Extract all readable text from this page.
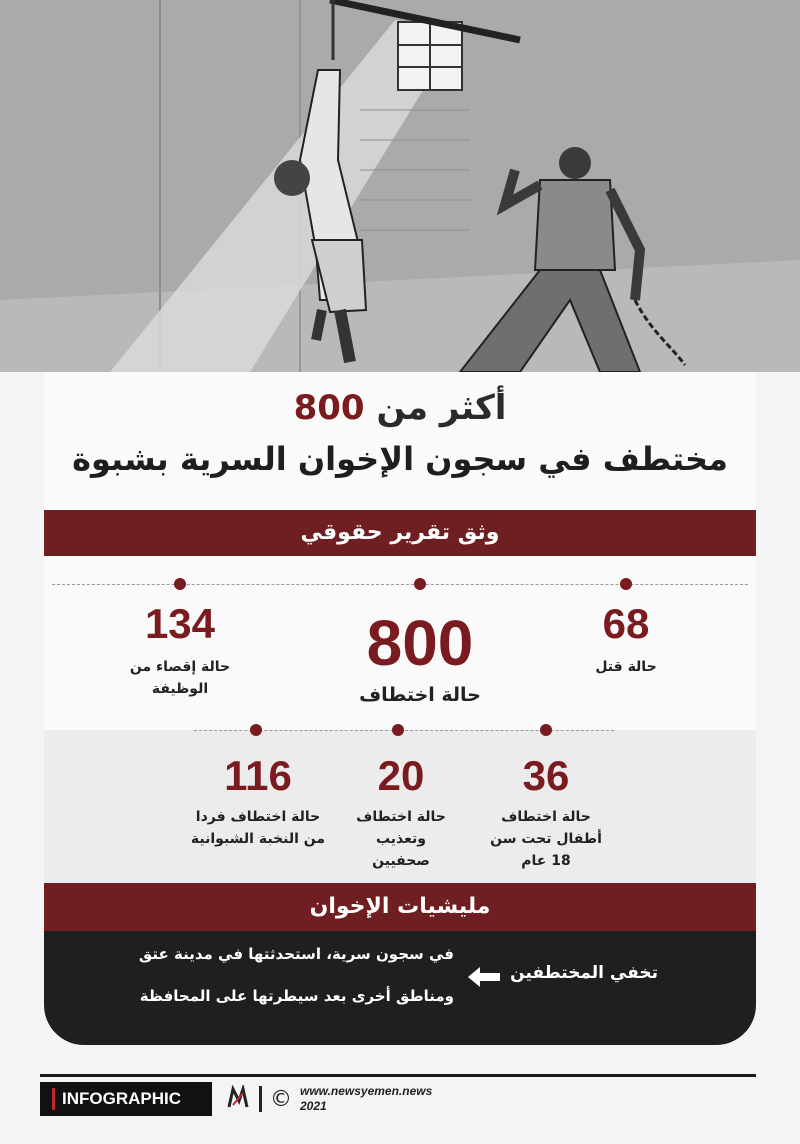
أكثر من 800
مختطف في سجون الإخوان السرية بشبوة
وثق تقرير حقوقي
68
حالة قتل
800
حالة اختطاف
134
حالة إقصاء من الوظيفة
36
حالة اختطاف أطفال تحت سن 18 عام
20
حالة اختطاف وتعذيب صحفيين
116
حالة اختطاف فردا من النخبة الشبوانية
مليشيات الإخوان
تخفي المختطفين
في سجون سرية، استحدثتها في مدينة عتق
ومناطق أخرى بعد سيطرتها على المحافظة
INFOGRAPHIC	© www.newsyemen.news
2021
